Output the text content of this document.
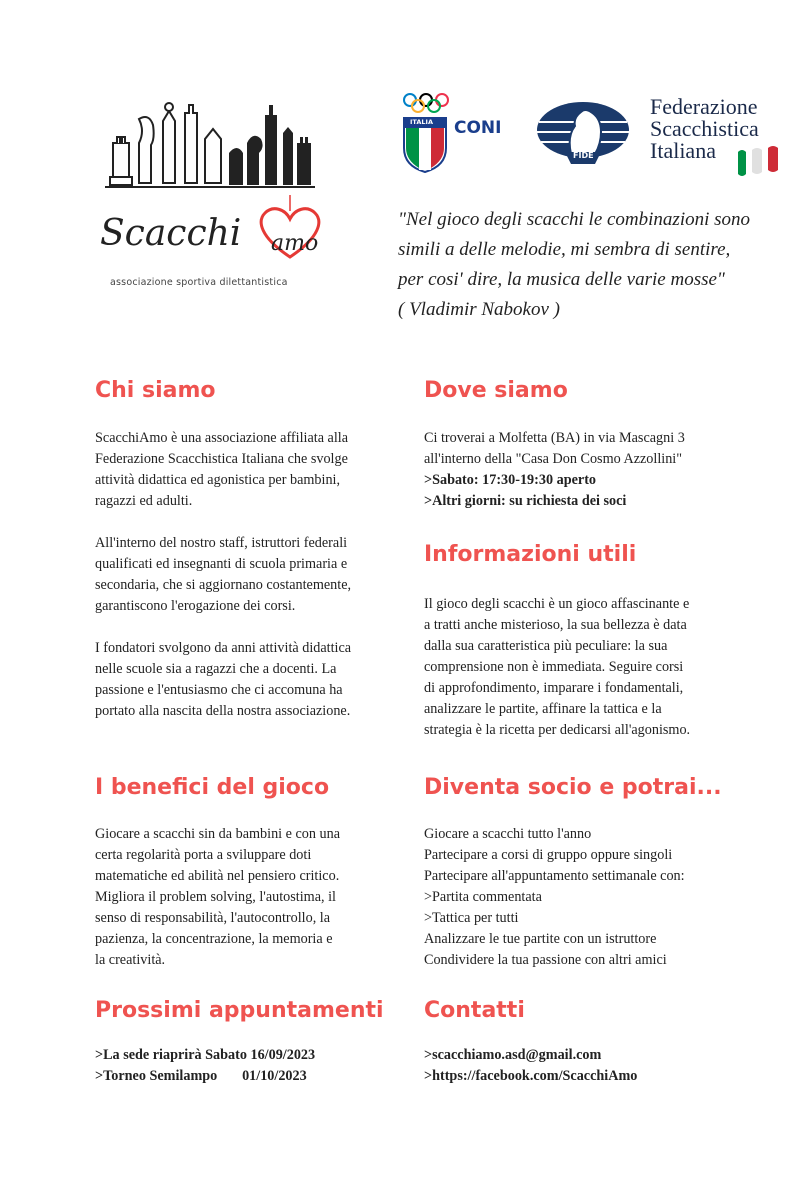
Scacchi amo
associazione sportiva dilettantistica
ITALIA CONI
FIDE
Federazione
Scacchistica
Italiana
"Nel gioco degli scacchi le combinazioni sono
simili a delle melodie, mi sembra di sentire,
per cosi' dire, la musica delle varie mosse"
( Vladimir Nabokov )
Chi siamo

ScacchiAmo è una associazione affiliata alla
Federazione Scacchistica Italiana che svolge
attività didattica ed agonistica per bambini,
ragazzi ed adulti.

All'interno del nostro staff, istruttori federali
qualificati ed insegnanti di scuola primaria e
secondaria, che si aggiornano costantemente,
garantiscono l'erogazione dei corsi.

I fondatori svolgono da anni attività didattica
nelle scuole sia a ragazzi che a docenti. La
passione e l'entusiasmo che ci accomuna ha
portato alla nascita della nostra associazione.

Dove siamo

Ci troverai a Molfetta (BA) in via Mascagni 3

all'interno della "Casa Don Cosmo Azzollini"

>Sabato: 17:30-19:30 aperto

>Altri giorni: su richiesta dei soci

Informazioni utili

Il gioco degli scacchi è un gioco affascinante e
a tratti anche misterioso, la sua bellezza è data
dalla sua caratteristica più peculiare: la sua
comprensione non è immediata. Seguire corsi
di approfondimento, imparare i fondamentali,
analizzare le partite, affinare la tattica e la
strategia è la ricetta per dedicarsi all'agonismo.

I benefici del gioco

Giocare a scacchi sin da bambini e con una
certa regolarità porta a sviluppare doti
matematiche ed abilità nel pensiero critico.
Migliora il problem solving, l'autostima, il
senso di responsabilità, l'autocontrollo, la
pazienza, la concentrazione, la memoria e
la creatività.

Diventa socio e potrai...

Giocare a scacchi tutto l'anno
Partecipare a corsi di gruppo oppure singoli
Partecipare all'appuntamento settimanale con:
>Partita commentata
>Tattica per tutti
Analizzare le tue partite con un istruttore
Condividere la tua passione con altri amici

Prossimi appuntamenti

>La sede riaprirà Sabato 16/09/2023

>Torneo Semilampo       01/10/2023

Contatti

>scacchiamo.asd@gmail.com

>https://facebook.com/ScacchiAmo
